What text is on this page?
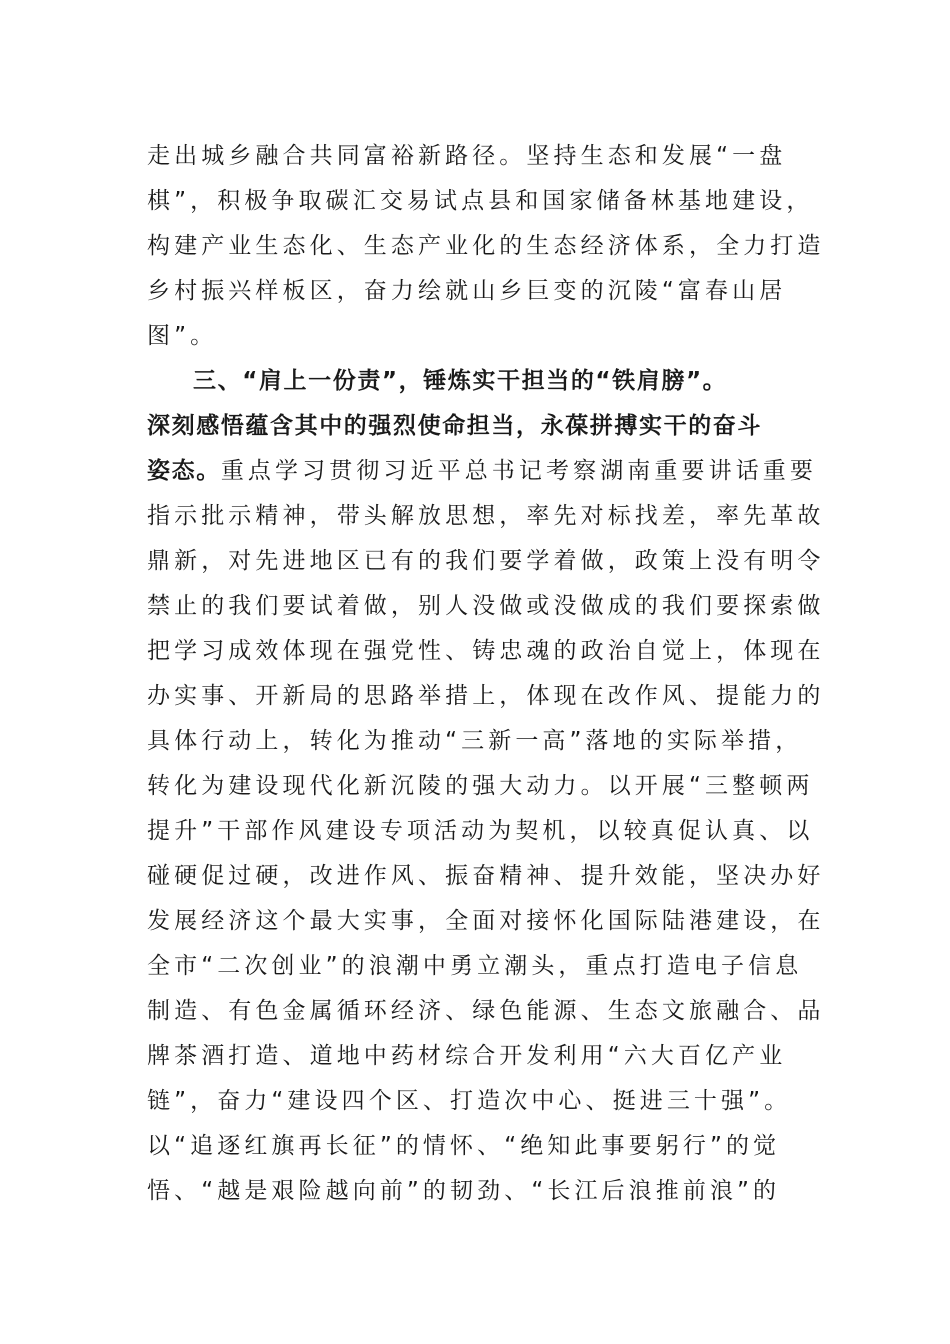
走出城乡融合共同富裕新路径。坚持生态和发展“一盘
棋”，积极争取碳汇交易试点县和国家储备林基地建设，
构建产业生态化、生态产业化的生态经济体系，全力打造
乡村振兴样板区，奋力绘就山乡巨变的沉陵“富春山居
图”。
三、“肩上一份责”，锤炼实干担当的“铁肩膀”。
深刻感悟蕴含其中的强烈使命担当，永葆拼搏实干的奋斗
姿态。重点学习贯彻习近平总书记考察湖南重要讲话重要
指示批示精神，带头解放思想，率先对标找差，率先革故
鼎新，对先进地区已有的我们要学着做，政策上没有明令
禁止的我们要试着做，别人没做或没做成的我们要探索做
把学习成效体现在强党性、铸忠魂的政治自觉上，体现在
办实事、开新局的思路举措上，体现在改作风、提能力的
具体行动上，转化为推动“三新一高”落地的实际举措，
转化为建设现代化新沉陵的强大动力。以开展“三整顿两
提升”干部作风建设专项活动为契机，以较真促认真、以
碰硬促过硬，改进作风、振奋精神、提升效能，坚决办好
发展经济这个最大实事，全面对接怀化国际陆港建设，在
全市“二次创业”的浪潮中勇立潮头，重点打造电子信息
制造、有色金属循环经济、绿色能源、生态文旅融合、品
牌茶酒打造、道地中药材综合开发利用“六大百亿产业
链”，奋力“建设四个区、打造次中心、挺进三十强”。
以“追逐红旗再长征”的情怀、“绝知此事要躬行”的觉
悟、“越是艰险越向前”的韧劲、“长江后浪推前浪”的
